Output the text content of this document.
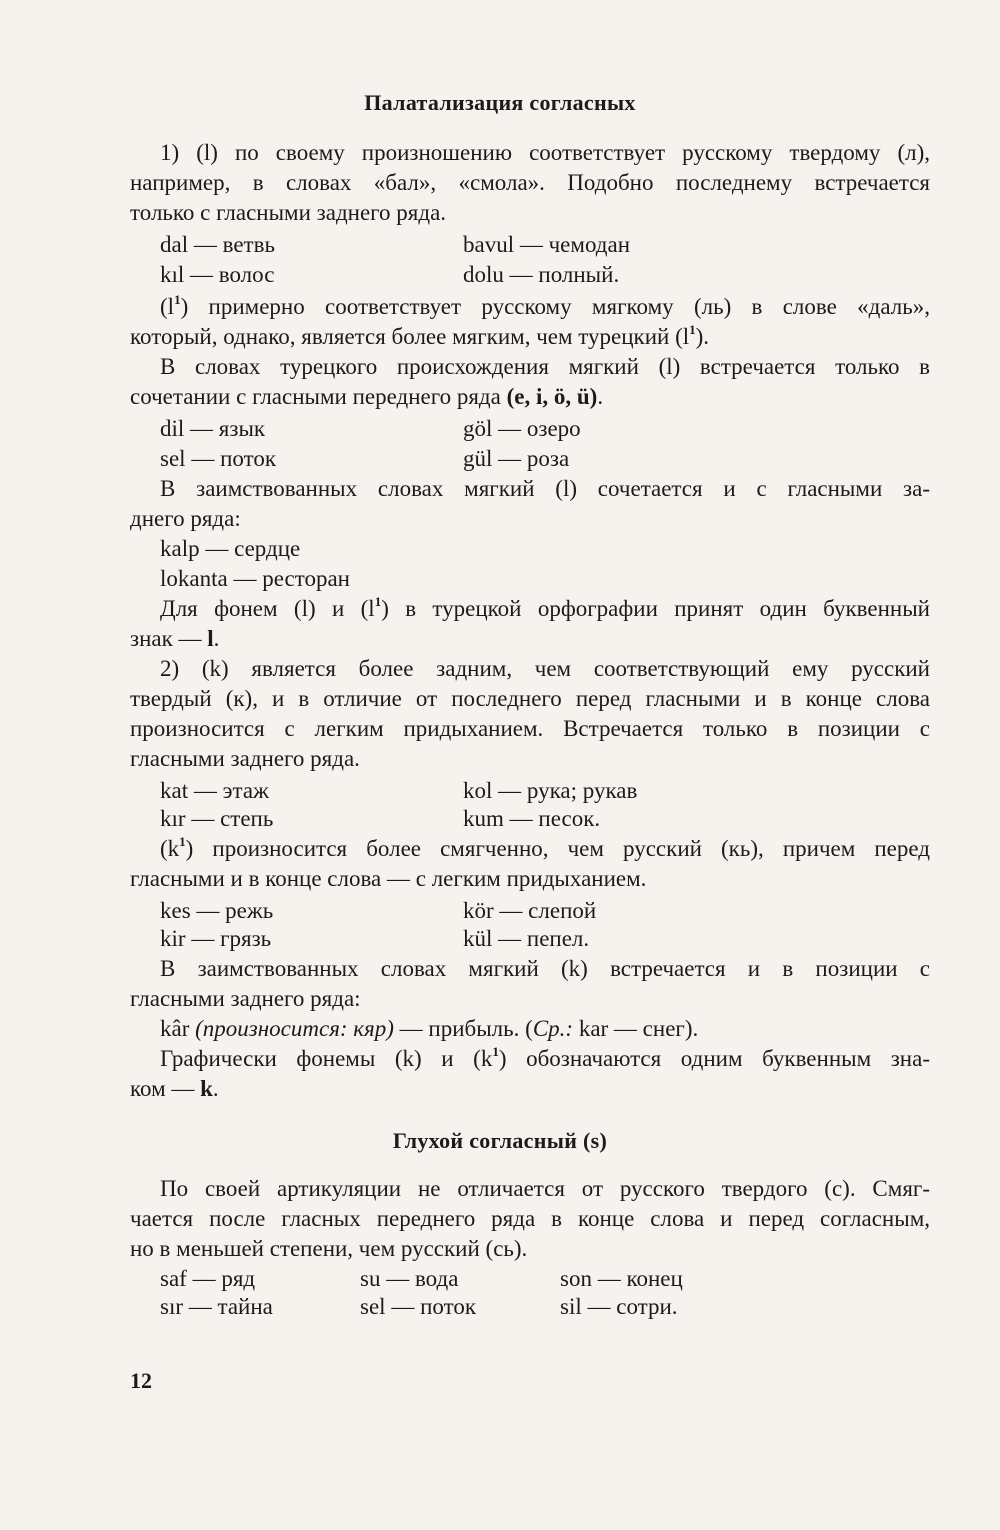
Палатализация согласных
1) (l) по своему произношению соответствует русскому твердому (л),
например, в словах «бал», «смола». Подобно последнему встречается
только с гласными заднего ряда.
dal — ветвь	bavul — чемодан
kıl — волос	dolu — полный.
$(l^1)$ примерно соответствует русскому мягкому (ль) в слове «даль»,
который, однако, является более мягким, чем турецкий $(l^1)$.
В словах турецкого происхождения мягкий (l) встречается только в
сочетании с гласными переднего ряда (e, i, ö, ü).
dil — язык	göl — озеро
sel — поток	gül — роза
В заимствованных словах мягкий (l) сочетается и с гласными за-
днего ряда:
kalp — сердце
lokanta — ресторан
Для фонем (l) и $(l^1)$ в турецкой орфографии принят один буквенный
знак — l.
2) (k) является более задним, чем соответствующий ему русский
твердый (к), и в отличие от последнего перед гласными и в конце слова
произносится с легким придыханием. Встречается только в позиции с
гласными заднего ряда.
kat — этаж	kol — рука; рукав
kır — степь	kum — песок.
$(k^1)$ произносится более смягченно, чем русский (кь), причем перед
гласными и в конце слова — с легким придыханием.
kes — режь	kör — слепой
kir — грязь	kül — пепел.
В заимствованных словах мягкий (k) встречается и в позиции с
гласными заднего ряда:
kâr (произносится: кяр) — прибыль. (Ср.: kar — снег).
Графически фонемы (k) и $(k^1)$ обозначаются одним буквенным зна-
ком — k.
Глухой согласный (s)
По своей артикуляции не отличается от русского твердого (с). Смяг-
чается после гласных переднего ряда в конце слова и перед согласным,
но в меньшей степени, чем русский (сь).
saf — ряд	su — вода	son — конец
sır — тайна	sel — поток	sil — сотри.
12
